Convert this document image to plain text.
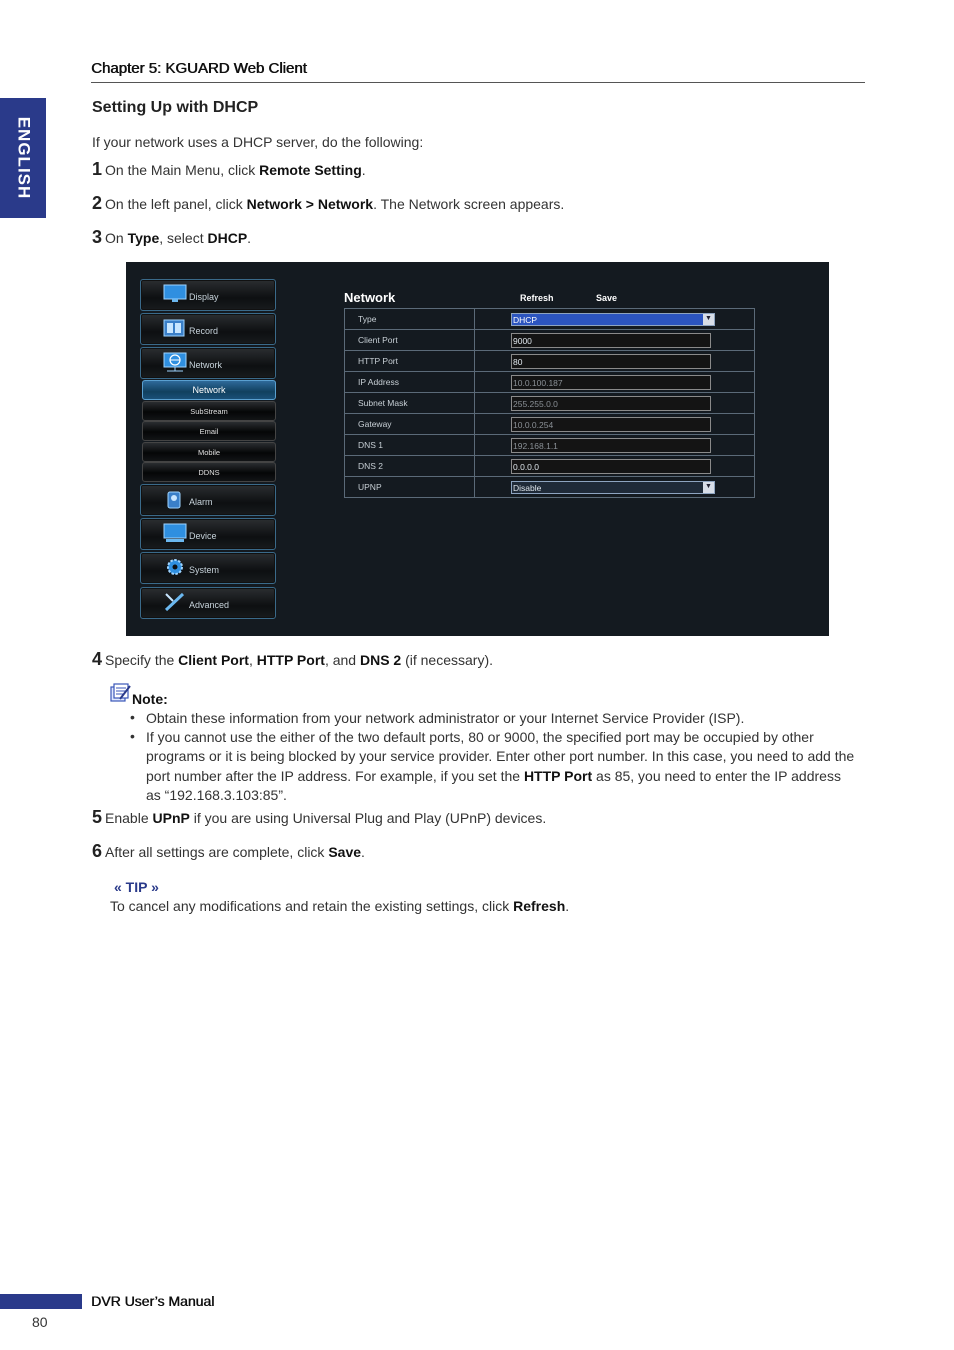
Chapter 5: KGUARD Web Client
ENGLISH
Setting Up with DHCP
If your network uses a DHCP server, do the following:
1 On the Main Menu, click Remote Setting.
2 On the left panel, click Network > Network. The Network screen appears.
3 On Type, select DHCP.
Display
Record
Network
Network
SubStream
Email
Mobile
DDNS
Alarm
Device
System
Advanced
Network	Refresh	Save
Type	DHCP ▼

Client Port	9000

HTTP Port	80

IP Address	10.0.100.187

Subnet Mask	255.255.0.0

Gateway	10.0.0.254

DNS 1	192.168.1.1

DNS 2	0.0.0.0

UPNP	Disable ▼
4 Specify the Client Port, HTTP Port, and DNS 2 (if necessary).
Note:
• Obtain these information from your network administrator or your Internet Service Provider (ISP).
• If you cannot use the either of the two default ports, 80 or 9000, the specified port may be occupied by other programs or it is being blocked by your service provider. Enter other port number. In this case, you need to add the port number after the IP address. For example, if you set the HTTP Port as 85, you need to enter the IP address as “192.168.3.103:85”.
5 Enable UPnP if you are using Universal Plug and Play (UPnP) devices.
6 After all settings are complete, click Save.
« TIP »
To cancel any modifications and retain the existing settings, click Refresh.
DVR User’s Manual
80
